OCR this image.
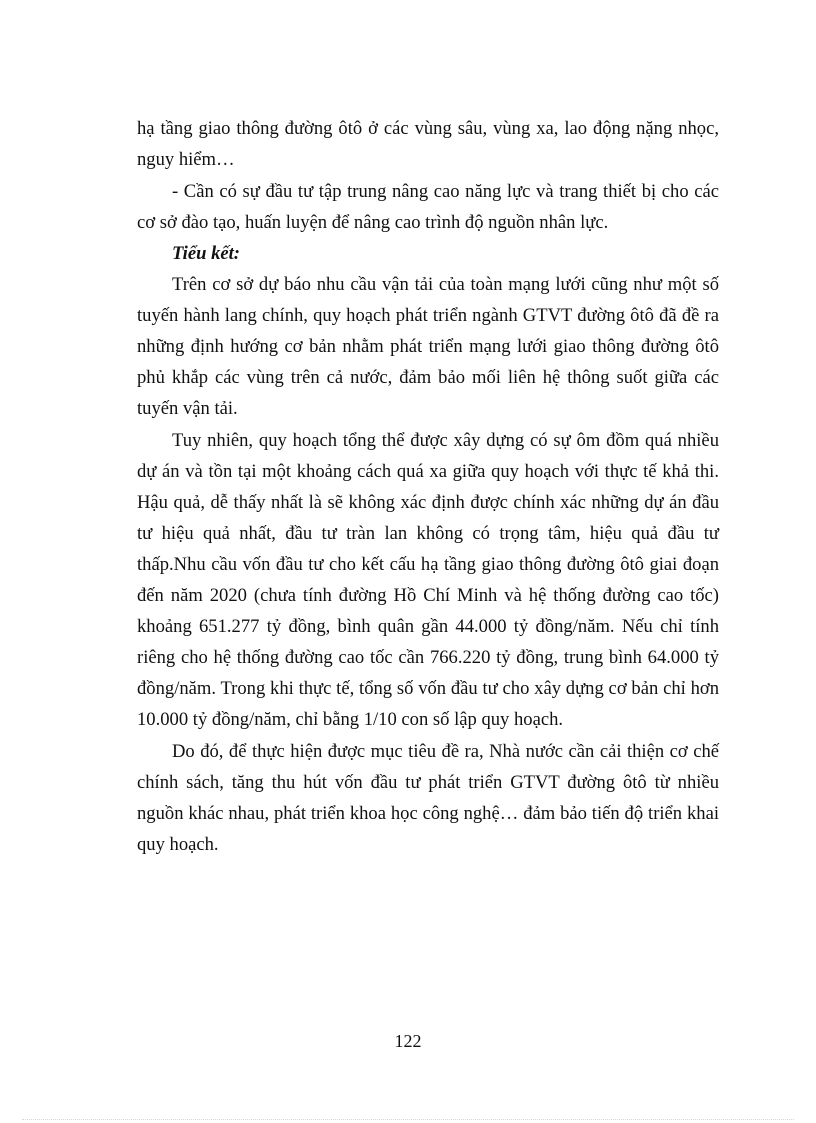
hạ tầng giao thông đường ôtô ở các vùng sâu, vùng xa, lao động nặng nhọc, nguy hiểm…

- Cần có sự đầu tư tập trung nâng cao năng lực và trang thiết bị cho các cơ sở đào tạo, huấn luyện để nâng cao trình độ nguồn nhân lực.

Tiểu kết:

Trên cơ sở dự báo nhu cầu vận tải của toàn mạng lưới cũng như một số tuyến hành lang chính, quy hoạch phát triển ngành GTVT đường ôtô đã đề ra những định hướng cơ bản nhằm phát triển mạng lưới giao thông đường ôtô phủ khắp các vùng trên cả nước, đảm bảo mối liên hệ thông suốt giữa các tuyến vận tải.

Tuy nhiên, quy hoạch tổng thể được xây dựng có sự ôm đồm quá nhiều dự án và tồn tại một khoảng cách quá xa giữa quy hoạch với thực tế khả thi. Hậu quả, dễ thấy nhất là sẽ không xác định được chính xác những dự án đầu tư hiệu quả nhất, đầu tư tràn lan không có trọng tâm, hiệu quả đầu tư thấp.Nhu cầu vốn đầu tư cho kết cấu hạ tầng giao thông đường ôtô giai đoạn đến năm 2020 (chưa tính đường Hồ Chí Minh và hệ thống đường cao tốc) khoảng 651.277 tỷ đồng, bình quân gần 44.000 tỷ đồng/năm. Nếu chỉ tính riêng cho hệ thống đường cao tốc cần 766.220 tỷ đồng, trung bình 64.000 tỷ đồng/năm. Trong khi thực tế, tổng số vốn đầu tư cho xây dựng cơ bản chỉ hơn 10.000 tỷ đồng/năm, chỉ bằng 1/10 con số lập quy hoạch.

Do đó, để thực hiện được mục tiêu đề ra, Nhà nước cần cải thiện cơ chế chính sách, tăng thu hút vốn đầu tư phát triển GTVT đường ôtô từ nhiều nguồn khác nhau, phát triển khoa học công nghệ… đảm bảo tiến độ triển khai quy hoạch.

122
